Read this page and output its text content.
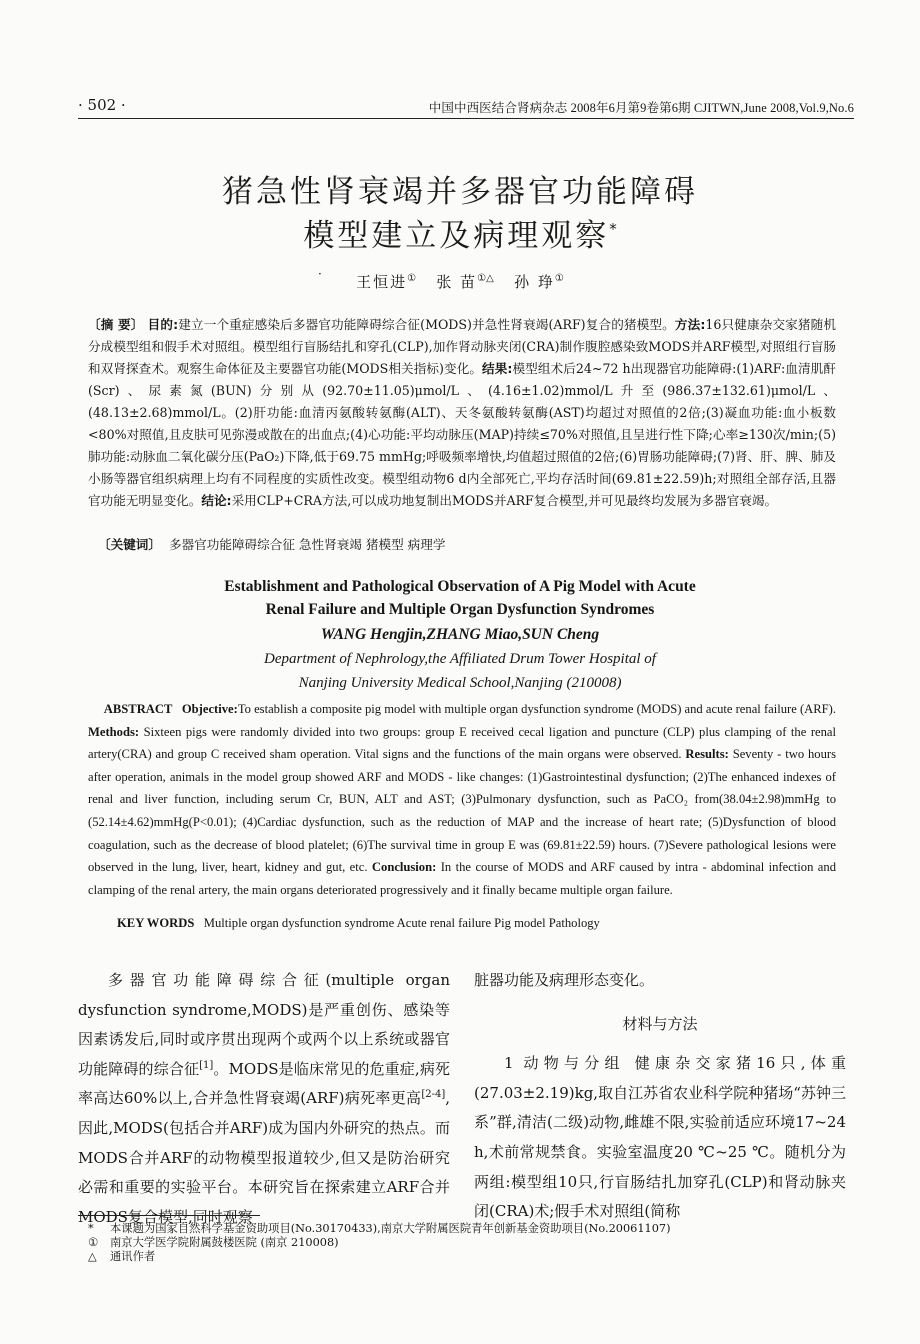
· 502 ·	中国中西医结合肾病杂志 2008年6月第9卷第6期 CJITWN,June 2008,Vol.9,No.6
猪急性肾衰竭并多器官功能障碍
模型建立及病理观察*
· 王恒进① 张 苗①△ 孙 琤①
〔摘 要〕 目的:建立一个重症感染后多器官功能障碍综合征(MODS)并急性肾衰竭(ARF)复合的猪模型。方法:16只健康杂交家猪随机分成模型组和假手术对照组。模型组行盲肠结扎和穿孔(CLP),加作肾动脉夹闭(CRA)制作腹腔感染致MODS并ARF模型,对照组行盲肠和双肾探查术。观察生命体征及主要器官功能(MODS相关指标)变化。结果:模型组术后24~72 h出现器官功能障碍:(1)ARF:血清肌酐(Scr)、尿素氮(BUN)分别从(92.70±11.05)μmol/L、(4.16±1.02)mmol/L升至(986.37±132.61)μmol/L、(48.13±2.68)mmol/L。(2)肝功能:血清丙氨酸转氨酶(ALT)、天冬氨酸转氨酶(AST)均超过对照值的2倍;(3)凝血功能:血小板数<80%对照值,且皮肤可见弥漫或散在的出血点;(4)心功能:平均动脉压(MAP)持续≤70%对照值,且呈进行性下降;心率≥130次/min;(5)肺功能:动脉血二氧化碳分压(PaO₂)下降,低于69.75 mmHg;呼吸频率增快,均值超过照值的2倍;(6)胃肠功能障碍;(7)肾、肝、脾、肺及小肠等器官组织病理上均有不同程度的实质性改变。模型组动物6 d内全部死亡,平均存活时间(69.81±22.59)h;对照组全部存活,且器官功能无明显变化。结论:采用CLP+CRA方法,可以成功地复制出MODS并ARF复合模型,并可见最终均发展为多器官衰竭。
〔关键词〕 多器官功能障碍综合征 急性肾衰竭 猪模型 病理学
Establishment and Pathological Observation of A Pig Model with Acute
Renal Failure and Multiple Organ Dysfunction Syndromes
WANG Hengjin,ZHANG Miao,SUN Cheng
Department of Nephrology,the Affiliated Drum Tower Hospital of
Nanjing University Medical School,Nanjing (210008)
ABSTRACT Objective:To establish a composite pig model with multiple organ dysfunction syndrome (MODS) and acute renal failure (ARF). Methods: Sixteen pigs were randomly divided into two groups: group E received cecal ligation and puncture (CLP) plus clamping of the renal artery(CRA) and group C received sham operation. Vital signs and the functions of the main organs were observed. Results: Seventy - two hours after operation, animals in the model group showed ARF and MODS - like changes: (1)Gastrointestinal dysfunction; (2)The enhanced indexes of renal and liver function, including serum Cr, BUN, ALT and AST; (3)Pulmonary dysfunction, such as PaCO₂ from(38.04±2.98)mmHg to (52.14±4.62)mmHg(P<0.01); (4)Cardiac dysfunction, such as the reduction of MAP and the increase of heart rate; (5)Dysfunction of blood coagulation, such as the decrease of blood platelet; (6)The survival time in group E was (69.81±22.59) hours. (7)Severe pathological lesions were observed in the lung, liver, heart, kidney and gut, etc. Conclusion: In the course of MODS and ARF caused by intra - abdominal infection and clamping of the renal artery, the main organs deteriorated progressively and it finally became multiple organ failure.
KEY WORDS Multiple organ dysfunction syndrome Acute renal failure Pig model Pathology

多器官功能障碍综合征(multiple organ dysfunction syndrome,MODS)是严重创伤、感染等因素诱发后,同时或序贯出现两个或两个以上系统或器官功能障碍的综合征[1]。MODS是临床常见的危重症,病死率高达60%以上,合并急性肾衰竭(ARF)病死率更高[2-4],因此,MODS(包括合并ARF)成为国内外研究的热点。而MODS合并ARF的动物模型报道较少,但又是防治研究必需和重要的实验平台。本研究旨在探索建立ARF合并MODS复合模型,同时观察

脏器功能及病理形态变化。

材料与方法

1 动物与分组 健康杂交家猪16只,体重(27.03±2.19)kg,取自江苏省农业科学院种猪场“苏钟三系”群,清洁(二级)动物,雌雄不限,实验前适应环境17~24 h,术前常规禁食。实验室温度20 ℃~25 ℃。随机分为两组:模型组10只,行盲肠结扎加穿孔(CLP)和肾动脉夹闭(CRA)术;假手术对照组(简称

* 本课题为国家自然科学基金资助项目(No.30170433),南京大学附属医院青年创新基金资助项目(No.20061107)
① 南京大学医学院附属鼓楼医院 (南京 210008)
△ 通讯作者
